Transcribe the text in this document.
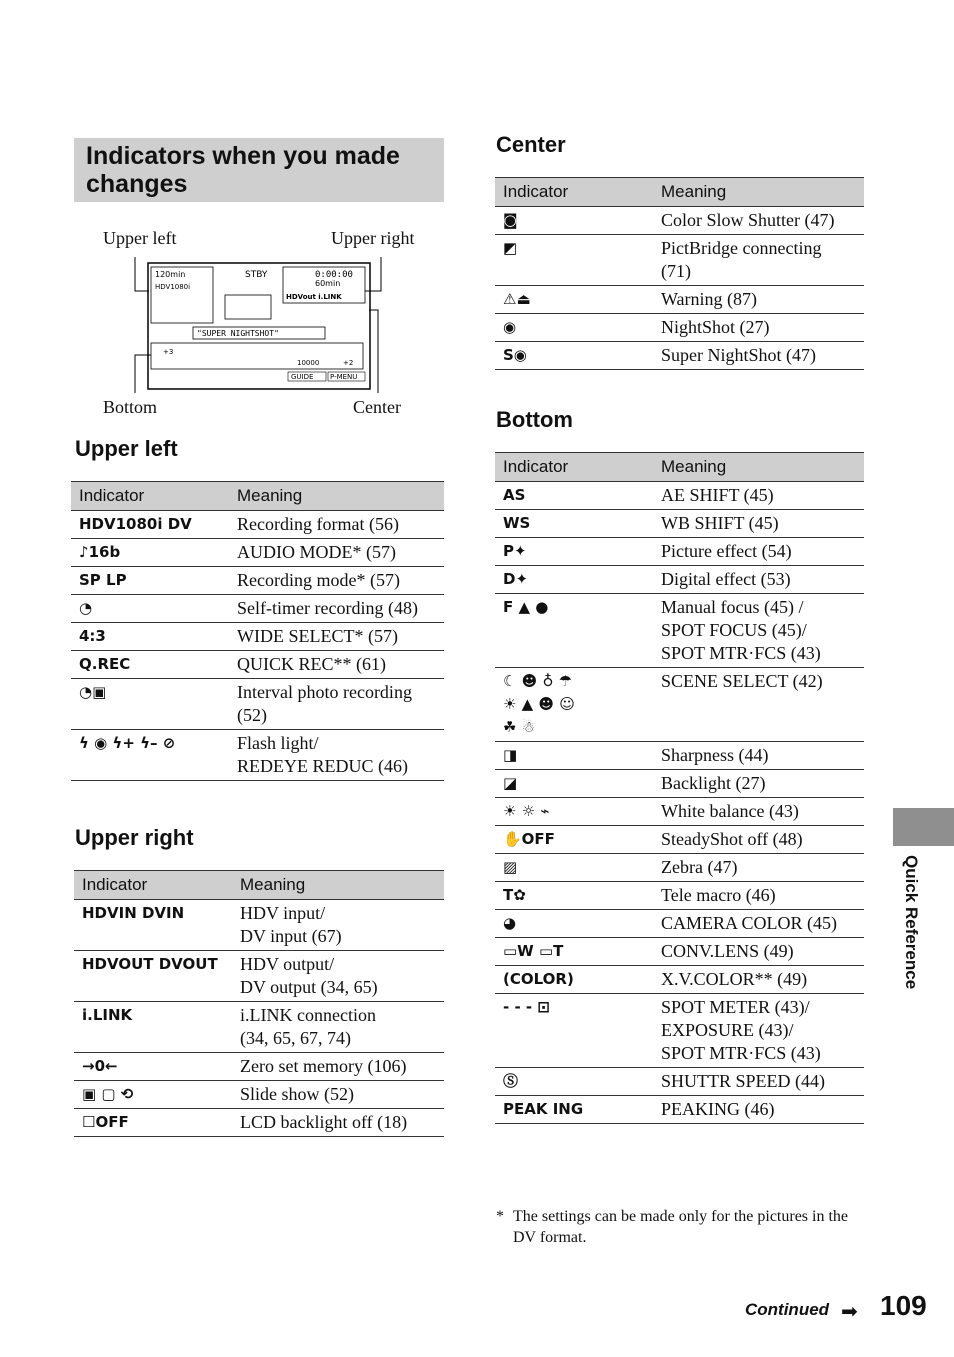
Indicators when you made changes
Upper left	Upper right
Bottom	Center
120min
HDV1080i
STBY	0:00:00
60min
HDVout i.LINK
"SUPER NIGHTSHOT"
+3
10000	+2
GUIDE P-MENU
Upper left
Upper right
Center
Bottom
Indicator	Meaning
HDV1080i DV	Recording format (56)
♪16b	AUDIO MODE* (57)
SP LP	Recording mode* (57)
◔	Self-timer recording (48)
4:3	WIDE SELECT* (57)
Q.REC	QUICK REC** (61)
◔▣	Interval photo recording (52)
ϟ ◉ ϟ+ ϟ– ⊘	Flash light/
REDEYE REDUC (46)
Indicator	Meaning
HDVIN DVIN	HDV input/
DV input (67)
HDVOUT DVOUT	HDV output/
DV output (34, 65)
i.LINK	i.LINK connection
(34, 65, 67, 74)
→0←	Zero set memory (106)
▣ ▢ ⟲	Slide show (52)
☐OFF	LCD backlight off (18)
Indicator	Meaning
◙	Color Slow Shutter (47)
◩	PictBridge connecting
(71)
⚠⏏	Warning (87)
◉	NightShot (27)
S◉	Super NightShot (47)
Indicator	Meaning
AS	AE SHIFT (45)
WS	WB SHIFT (45)
P✦	Picture effect (54)
D✦	Digital effect (53)
F ▲ ●	Manual focus (45) /
SPOT FOCUS (45)/
SPOT MTR·FCS (43)
☾ ☻ ♁ ☂
☀ ▲ ☻ ☺
☘ ☃	SCENE SELECT (42)
◨	Sharpness (44)
◪	Backlight (27)
☀ ☼ ⌁	White balance (43)
✋OFF	SteadyShot off (48)
▨	Zebra (47)
T✿	Tele macro (46)
◕	CAMERA COLOR (45)
▭W ▭T	CONV.LENS (49)
(COLOR)	X.V.COLOR** (49)
- - - ⊡	SPOT METER (43)/
EXPOSURE (43)/
SPOT MTR·FCS (43)
Ⓢ	SHUTTR SPEED (44)
PEAK ING	PEAKING (46)
Quick Reference
* The settings can be made only for the pictures in the DV format.
Continued ➡ 109
